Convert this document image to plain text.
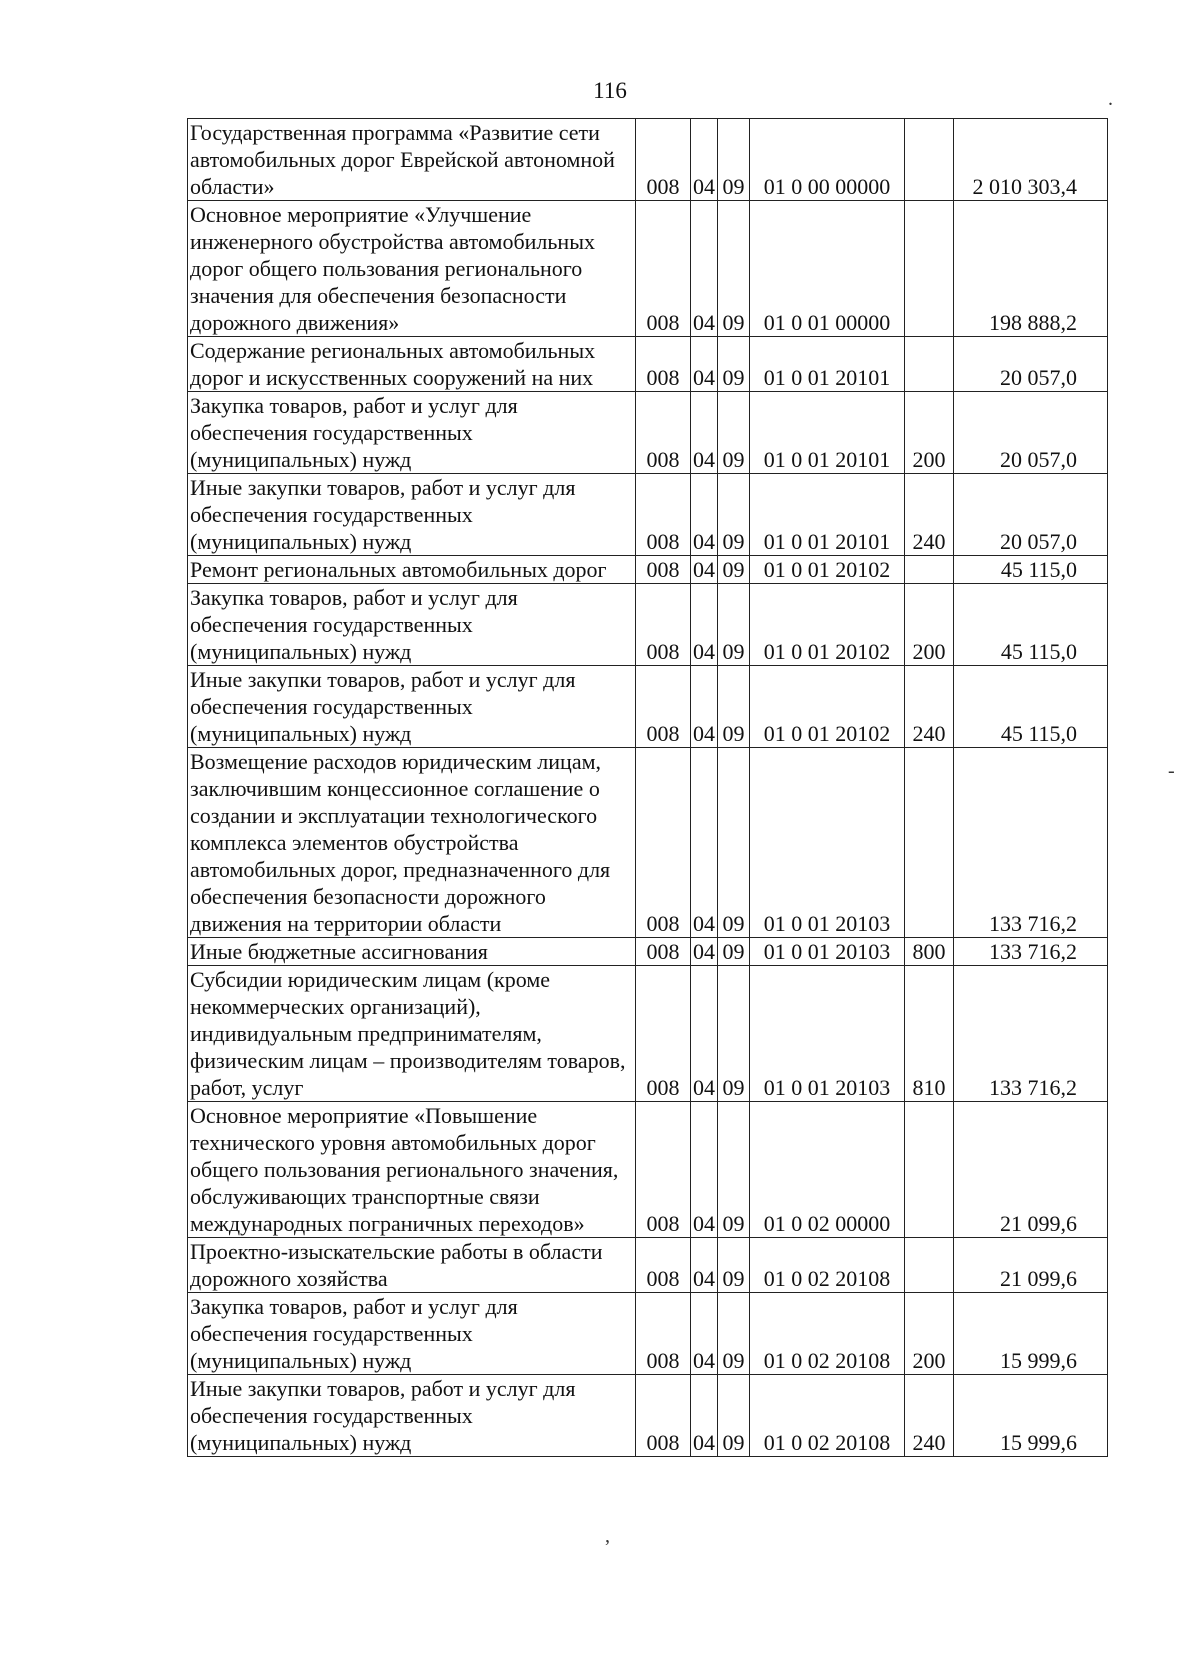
116
Государственная программа «Развитие сети автомобильных дорог Еврейской автономной области»	008	04	09	01 0 00 00000		2 010 303,4
Основное мероприятие «Улучшение инженерного обустройства автомобильных дорог общего пользования регионального значения для обеспечения безопасности дорожного движения»	008	04	09	01 0 01 00000		198 888,2
Содержание региональных автомобильных дорог и искусственных сооружений на них	008	04	09	01 0 01 20101		20 057,0
Закупка товаров, работ и услуг для обеспечения государственных (муниципальных) нужд	008	04	09	01 0 01 20101	200	20 057,0
Иные закупки товаров, работ и услуг для обеспечения государственных (муниципальных) нужд	008	04	09	01 0 01 20101	240	20 057,0
Ремонт региональных автомобильных дорог	008	04	09	01 0 01 20102		45 115,0
Закупка товаров, работ и услуг для обеспечения государственных (муниципальных) нужд	008	04	09	01 0 01 20102	200	45 115,0
Иные закупки товаров, работ и услуг для обеспечения государственных (муниципальных) нужд	008	04	09	01 0 01 20102	240	45 115,0
Возмещение расходов юридическим лицам, заключившим концессионное соглашение о создании и эксплуатации технологического комплекса элементов обустройства автомобильных дорог, предназначенного для обеспечения безопасности дорожного движения на территории области	008	04	09	01 0 01 20103		133 716,2
Иные бюджетные ассигнования	008	04	09	01 0 01 20103	800	133 716,2
Субсидии юридическим лицам (кроме некоммерческих организаций), индивидуальным предпринимателям, физическим лицам – производителям товаров, работ, услуг	008	04	09	01 0 01 20103	810	133 716,2
Основное мероприятие «Повышение технического уровня автомобильных дорог общего пользования регионального значения, обслуживающих транспортные связи международных пограничных переходов»	008	04	09	01 0 02 00000		21 099,6
Проектно-изыскательские работы в области дорожного хозяйства	008	04	09	01 0 02 20108		21 099,6
Закупка товаров, работ и услуг для обеспечения государственных (муниципальных) нужд	008	04	09	01 0 02 20108	200	15 999,6
Иные закупки товаров, работ и услуг для обеспечения государственных (муниципальных) нужд	008	04	09	01 0 02 20108	240	15 999,6
.
-
,
